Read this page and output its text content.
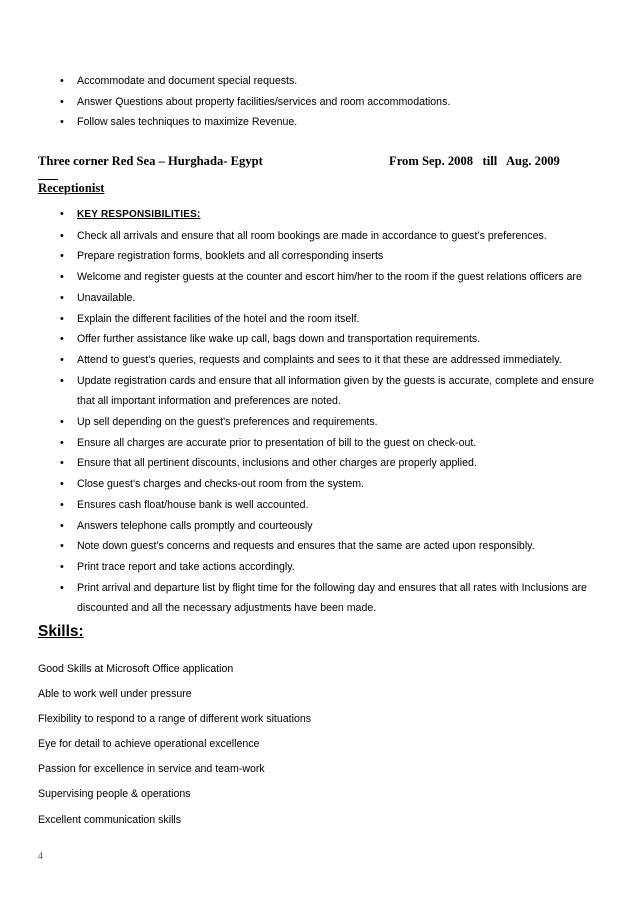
• Accommodate and document special requests.
• Answer Questions about property facilities/services and room accommodations.
• Follow sales techniques to maximize Revenue.
Three corner Red Sea – Hurghada- Egypt	From Sep. 2008   till   Aug. 2009
Receptionist
• KEY RESPONSIBILITIES:
• Check all arrivals and ensure that all room bookings are made in accordance to guest’s preferences.
• Prepare registration forms, booklets and all corresponding inserts
• Welcome and register guests at the counter and escort him/her to the room if the guest relations officers are
• Unavailable.
• Explain the different facilities of the hotel and the room itself.
• Offer further assistance like wake up call, bags down and transportation requirements.
• Attend to guest's queries, requests and complaints and sees to it that these are addressed immediately.
• Update registration cards and ensure that all information given by the guests is accurate, complete and ensure that all important information and preferences are noted.
• Up sell depending on the guest's preferences and requirements.
• Ensure all charges are accurate prior to presentation of bill to the guest on check-out.
• Ensure that all pertinent discounts, inclusions and other charges are properly applied.
• Close guest's charges and checks-out room from the system.
• Ensures cash float/house bank is well accounted.
• Answers telephone calls promptly and courteously
• Note down guest's concerns and requests and ensures that the same are acted upon responsibly.
• Print trace report and take actions accordingly.
• Print arrival and departure list by flight time for the following day and ensures that all rates with Inclusions are discounted and all the necessary adjustments have been made.
Skills:
Good Skills at Microsoft Office application
Able to work well under pressure
Flexibility to respond to a range of different work situations
Eye for detail to achieve operational excellence
Passion for excellence in service and team-work
Supervising people & operations
Excellent communication skills
4
